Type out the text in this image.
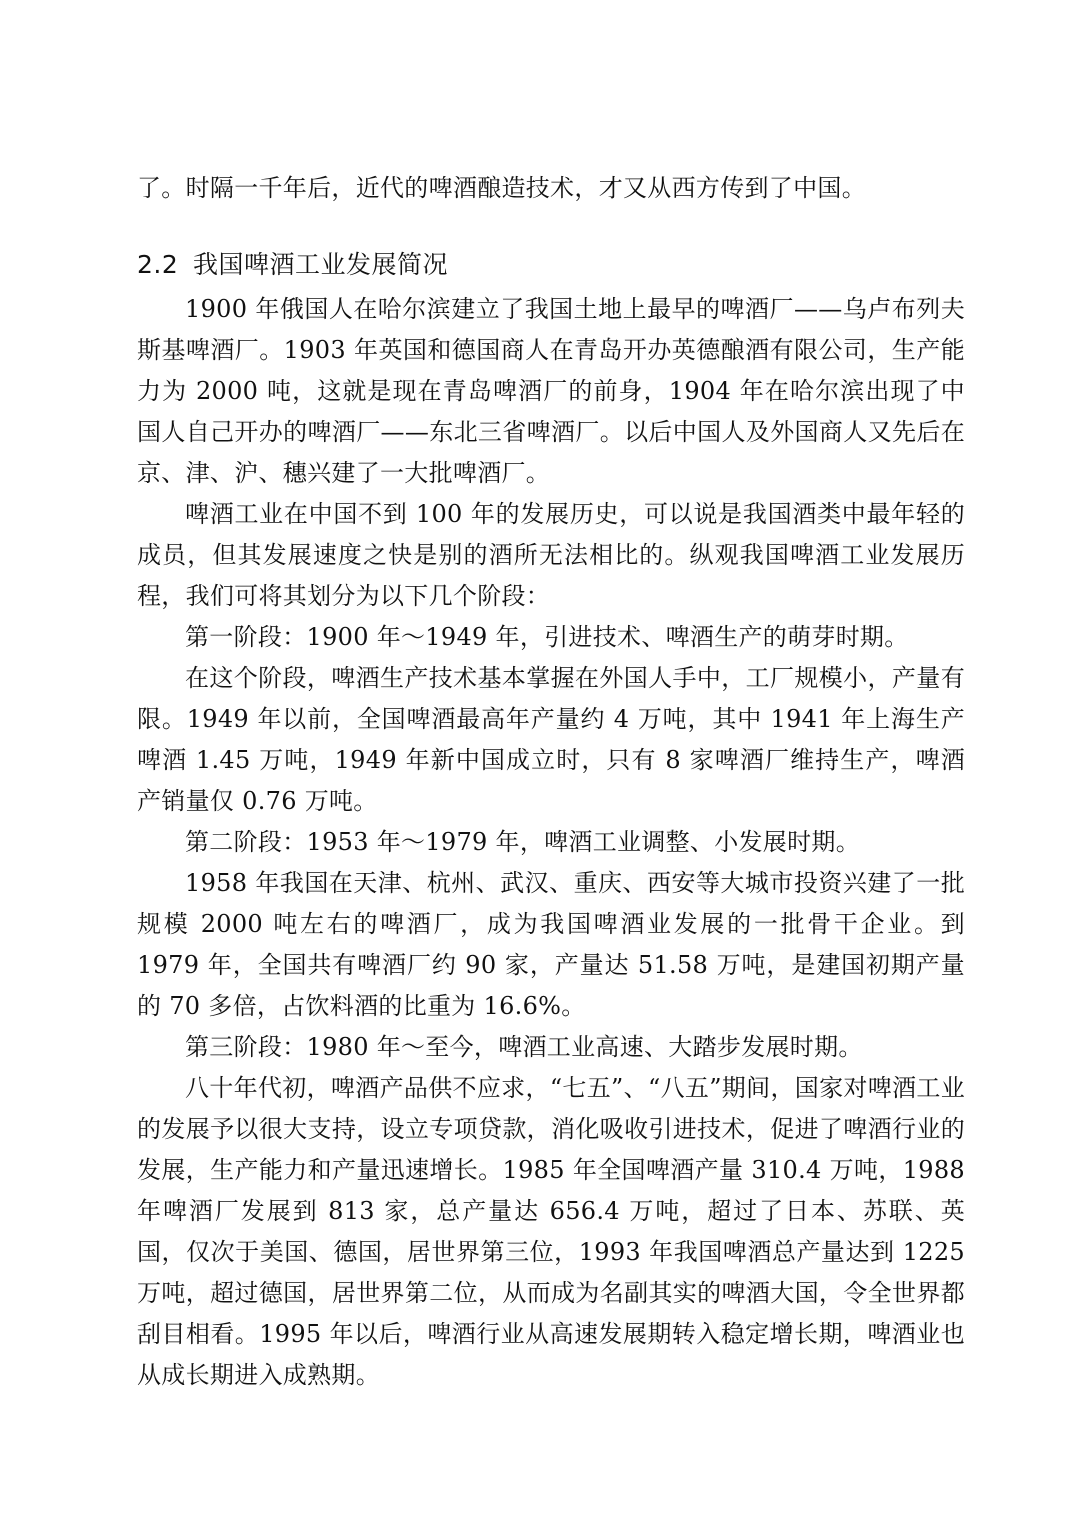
了。时隔一千年后，近代的啤酒酿造技术，才又从西方传到了中国。

2.2 我国啤酒工业发展简况

1900 年俄国人在哈尔滨建立了我国土地上最早的啤酒厂——乌卢布列夫斯基啤酒厂。1903 年英国和德国商人在青岛开办英德酿酒有限公司，生产能力为 2000 吨，这就是现在青岛啤酒厂的前身，1904 年在哈尔滨出现了中国人自己开办的啤酒厂——东北三省啤酒厂。以后中国人及外国商人又先后在京、津、沪、穗兴建了一大批啤酒厂。

啤酒工业在中国不到 100 年的发展历史，可以说是我国酒类中最年轻的成员，但其发展速度之快是别的酒所无法相比的。纵观我国啤酒工业发展历程，我们可将其划分为以下几个阶段：

第一阶段：1900 年～1949 年，引进技术、啤酒生产的萌芽时期。

在这个阶段，啤酒生产技术基本掌握在外国人手中，工厂规模小，产量有限。1949 年以前，全国啤酒最高年产量约 4 万吨，其中 1941 年上海生产啤酒 1.45 万吨，1949 年新中国成立时，只有 8 家啤酒厂维持生产，啤酒产销量仅 0.76 万吨。

第二阶段：1953 年～1979 年，啤酒工业调整、小发展时期。

1958 年我国在天津、杭州、武汉、重庆、西安等大城市投资兴建了一批规模 2000 吨左右的啤酒厂，成为我国啤酒业发展的一批骨干企业。到 1979 年，全国共有啤酒厂约 90 家，产量达 51.58 万吨，是建国初期产量的 70 多倍，占饮料酒的比重为 16.6%。

第三阶段：1980 年～至今，啤酒工业高速、大踏步发展时期。

八十年代初，啤酒产品供不应求，“七五”、“八五”期间，国家对啤酒工业的发展予以很大支持，设立专项贷款，消化吸收引进技术，促进了啤酒行业的发展，生产能力和产量迅速增长。1985 年全国啤酒产量 310.4 万吨，1988 年啤酒厂发展到 813 家，总产量达 656.4 万吨，超过了日本、苏联、英国，仅次于美国、德国，居世界第三位，1993 年我国啤酒总产量达到 1225 万吨，超过德国，居世界第二位，从而成为名副其实的啤酒大国，令全世界都刮目相看。1995 年以后，啤酒行业从高速发展期转入稳定增长期，啤酒业也从成长期进入成熟期。
